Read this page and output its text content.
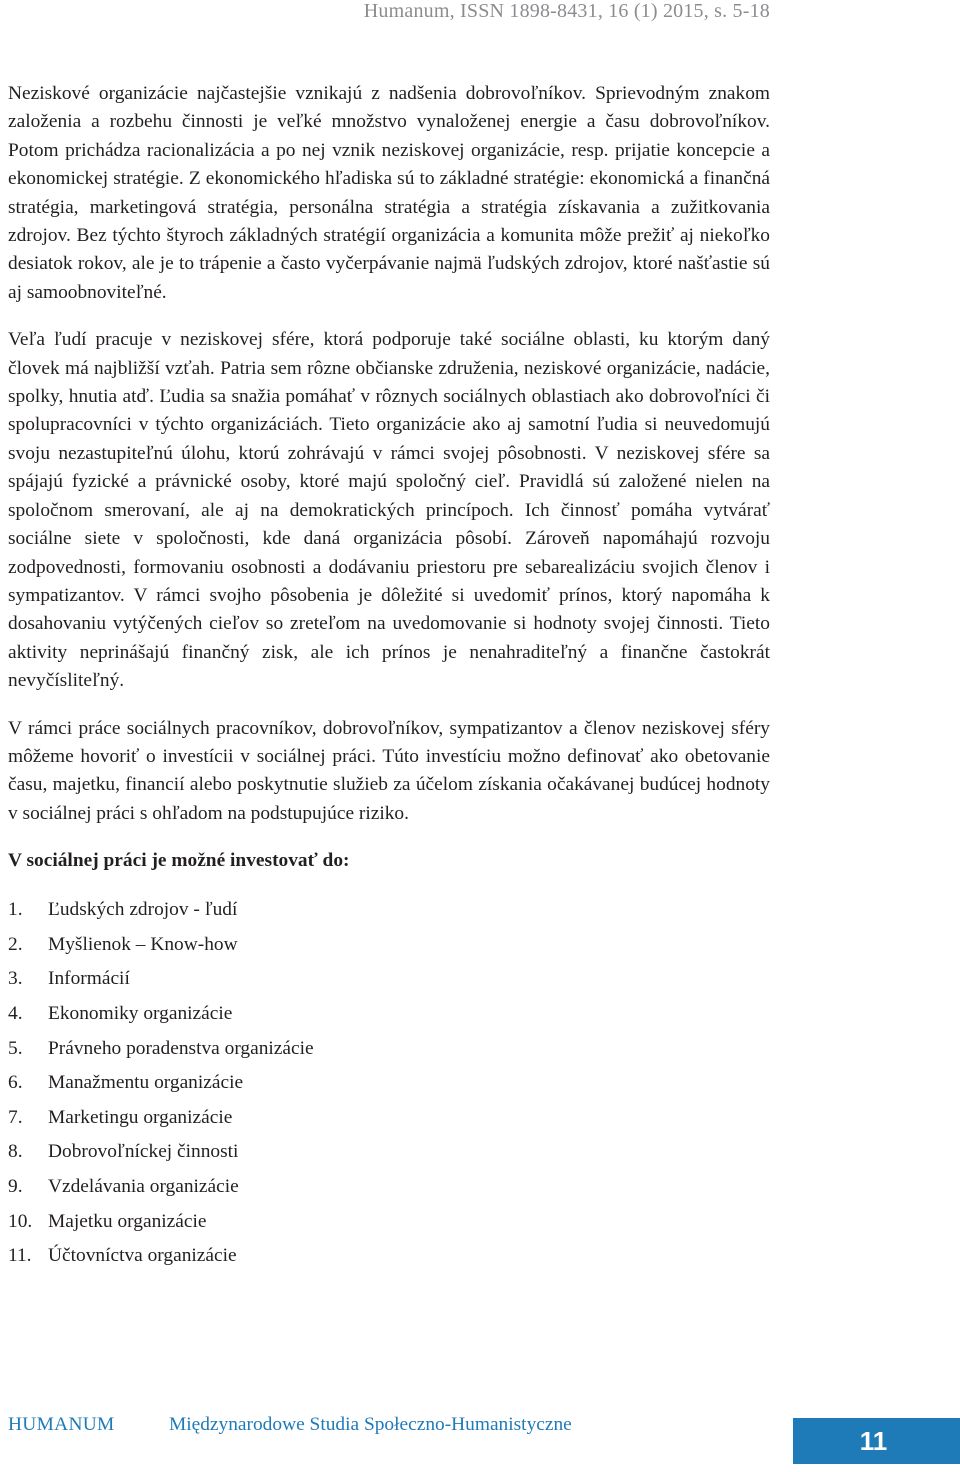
Humanum, ISSN 1898-8431, 16 (1) 2015, s. 5-18

Neziskové organizácie najčastejšie vznikajú z nadšenia dobrovoľníkov. Sprievodným znakom založenia a rozbehu činnosti je veľké množstvo vynaloženej energie a času dobrovoľníkov. Potom prichádza racionalizácia a po nej vznik neziskovej organizácie, resp. prijatie koncepcie a ekonomickej stratégie. Z ekonomického hľadiska sú to základné stratégie: ekonomická a finančná stratégia, marketingová stratégia, personálna stratégia a stratégia získavania a zužitkovania zdrojov. Bez týchto štyroch základných stratégií organizácia a komunita môže prežiť aj niekoľko desiatok rokov, ale je to trápenie a často vyčerpávanie najmä ľudských zdrojov, ktoré našťastie sú aj samoobnoviteľné.

Veľa ľudí pracuje v neziskovej sfére, ktorá podporuje také sociálne oblasti, ku ktorým daný človek má najbližší vzťah. Patria sem rôzne občianske združenia, neziskové organizácie, nadácie, spolky, hnutia atď. Ľudia sa snažia pomáhať v rôznych sociálnych oblastiach ako dobrovoľníci či spolupracovníci v týchto organizáciách. Tieto organizácie ako aj samotní ľudia si neuvedomujú svoju nezastupiteľnú úlohu, ktorú zohrávajú v rámci svojej pôsobnosti. V neziskovej sfére sa spájajú fyzické a právnické osoby, ktoré majú spoločný cieľ. Pravidlá sú založené nielen na spoločnom smerovaní, ale aj na demokratických princípoch. Ich činnosť pomáha vytvárať sociálne siete v spoločnosti, kde daná organizácia pôsobí. Zároveň napomáhajú rozvoju zodpovednosti, formovaniu osobnosti a dodávaniu priestoru pre sebarealizáciu svojich členov i sympatizantov. V rámci svojho pôsobenia je dôležité si uvedomiť prínos, ktorý napomáha k dosahovaniu vytýčených cieľov so zreteľom na uvedomovanie si hodnoty svojej činnosti. Tieto aktivity neprinášajú finančný zisk, ale ich prínos je nenahraditeľný a finančne častokrát nevyčísliteľný.

V rámci práce sociálnych pracovníkov, dobrovoľníkov, sympatizantov a členov neziskovej sféry môžeme hovoriť o investícii v sociálnej práci. Túto investíciu možno definovať ako obetovanie času, majetku, financií alebo poskytnutie služieb za účelom získania očakávanej budúcej hodnoty v sociálnej práci s ohľadom na podstupujúce riziko.

V sociálnej práci je možné investovať do:
1.	Ľudských zdrojov - ľudí
2.	Myšlienok – Know-how
3.	Informácií
4.	Ekonomiky organizácie
5.	Právneho poradenstva organizácie
6.	Manažmentu organizácie
7.	Marketingu organizácie
8.	Dobrovoľníckej činnosti
9.	Vzdelávania organizácie
10. Majetku organizácie
11. Účtovníctva organizácie
HUMANUM	Międzynarodowe Studia Społeczno-Humanistyczne
11
